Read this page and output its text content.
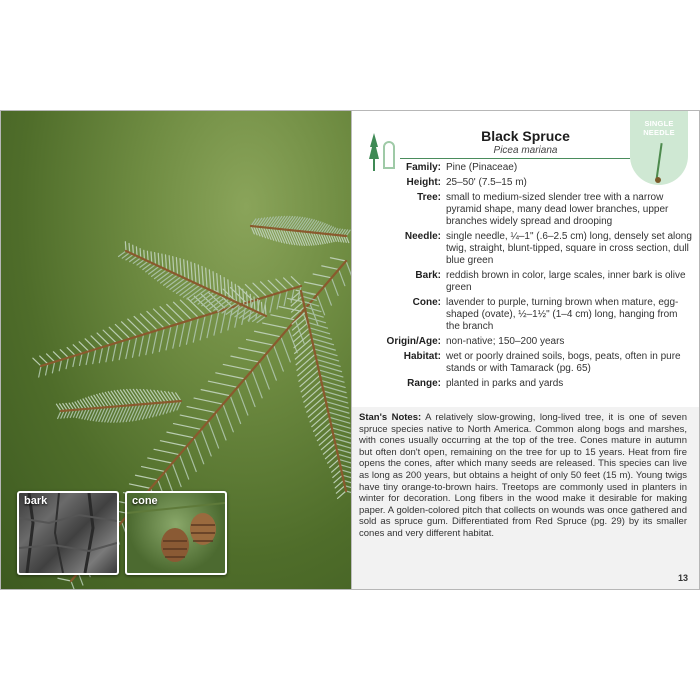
bark	cone
Black Spruce
Picea mariana
SINGLE
NEEDLE
Family: Pine (Pinaceae)
Height: 25–50' (7.5–15 m)
Tree: small to medium-sized slender tree with a narrow pyramid shape, many dead lower branches, upper branches widely spread and drooping
Needle: single needle, ¼–1" (.6–2.5 cm) long, densely set along twig, straight, blunt-tipped, square in cross section, dull blue green
Bark: reddish brown in color, large scales, inner bark is olive green
Cone: lavender to purple, turning brown when mature, egg-shaped (ovate), ½–1½" (1–4 cm) long, hanging from the branch
Origin/Age: non-native; 150–200 years
Habitat: wet or poorly drained soils, bogs, peats, often in pure stands or with Tamarack (pg. 65)
Range: planted in parks and yards
Stan's Notes: A relatively slow-growing, long-lived tree, it is one of seven spruce species native to North America. Common along bogs and marshes, with cones usually occurring at the top of the tree. Cones mature in autumn but often don't open, remaining on the tree for up to 15 years. Heat from fire opens the cones, after which many seeds are released. This species can live as long as 200 years, but obtains a height of only 50 feet (15 m). Young twigs have tiny orange-to-brown hairs. Treetops are commonly used in planters in winter for decoration. Long fibers in the wood make it desirable for making paper. A golden-colored pitch that collects on wounds was once gathered and sold as spruce gum. Differentiated from Red Spruce (pg. 29) by its smaller cones and very different habitat.
13
